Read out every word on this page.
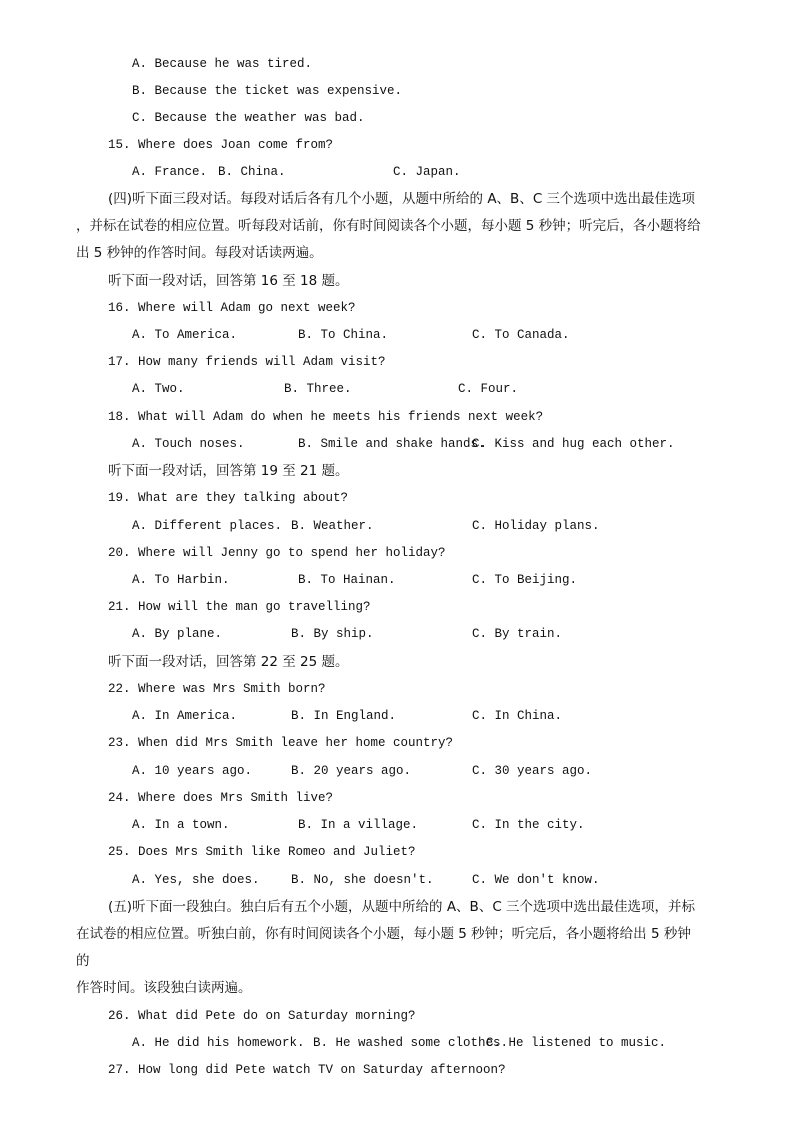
A. Because he was tired.
B. Because the ticket was expensive.
C. Because the weather was bad.
15. Where does Joan come from?
A. France. B. China.	C. Japan.
(四)听下面三段对话。每段对话后各有几个小题，从题中所给的 A、B、C 三个选项中选出最佳选项
，并标在试卷的相应位置。听每段对话前，你有时间阅读各个小题，每小题 5 秒钟；听完后，各小题将给
出 5 秒钟的作答时间。每段对话读两遍。
听下面一段对话，回答第 16 至 18 题。
16. Where will Adam go next week?
A. To America.	B. To China.	C. To Canada.
17. How many friends will Adam visit?
A. Two.	B. Three.	C. Four.
18. What will Adam do when he meets his friends next week?
A. Touch noses.	B. Smile and shake hands.
C. Kiss and hug each other.
听下面一段对话，回答第 19 至 21 题。
19. What are they talking about?
A. Different places. B. Weather.	C. Holiday plans.
20. Where will Jenny go to spend her holiday?
A. To Harbin.	B. To Hainan.	C. To Beijing.
21. How will the man go travelling?
A. By plane.	B. By ship.	C. By train.
听下面一段对话，回答第 22 至 25 题。
22. Where was Mrs Smith born?
A. In America.	B. In England.	C. In China.
23. When did Mrs Smith leave her home country?
A. 10 years ago.	B. 20 years ago.	C. 30 years ago.
24. Where does Mrs Smith live?
A. In a town.	B. In a village.	C. In the city.
25. Does Mrs Smith like Romeo and Juliet?
A. Yes, she does.	B. No, she doesn't.	C. We don't know.
(五)听下面一段独白。独白后有五个小题，从题中所给的 A、B、C 三个选项中选出最佳选项，并标
在试卷的相应位置。听独白前，你有时间阅读各个小题，每小题 5 秒钟；听完后，各小题将给出 5 秒钟
的
作答时间。该段独白读两遍。
26. What did Pete do on Saturday morning?
A. He did his homework. B. He washed some clothes.
C. He listened to music.
27. How long did Pete watch TV on Saturday afternoon?
